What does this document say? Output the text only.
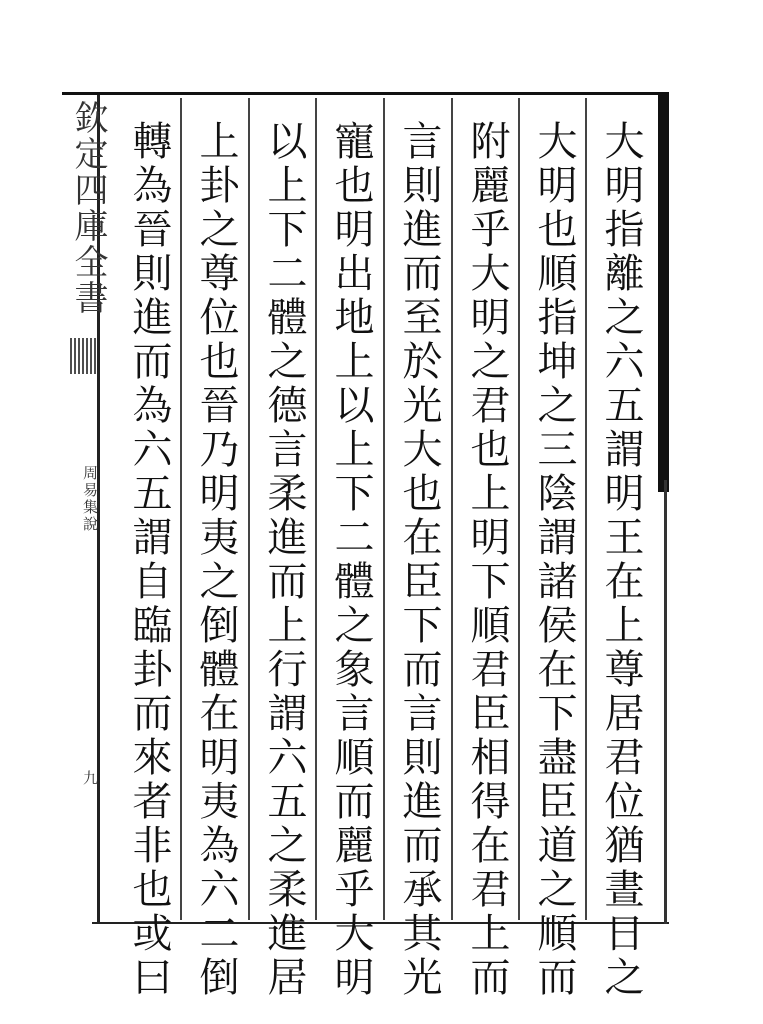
欽定四庫全書
周易集說
九	大明指離之六五謂明王在上尊居君位猶晝日之
大明也順指坤之三陰謂諸侯在下盡臣道之順而
附麗乎大明之君也上明下順君臣相得在君上而
言則進而至於光大也在臣下而言則進而承其光
寵也明出地上以上下二體之象言順而麗乎大明
以上下二體之德言柔進而上行謂六五之柔進居
上卦之尊位也晉乃明夷之倒體在明夷為六二倒
轉為晉則進而為六五謂自臨卦而來者非也或曰
